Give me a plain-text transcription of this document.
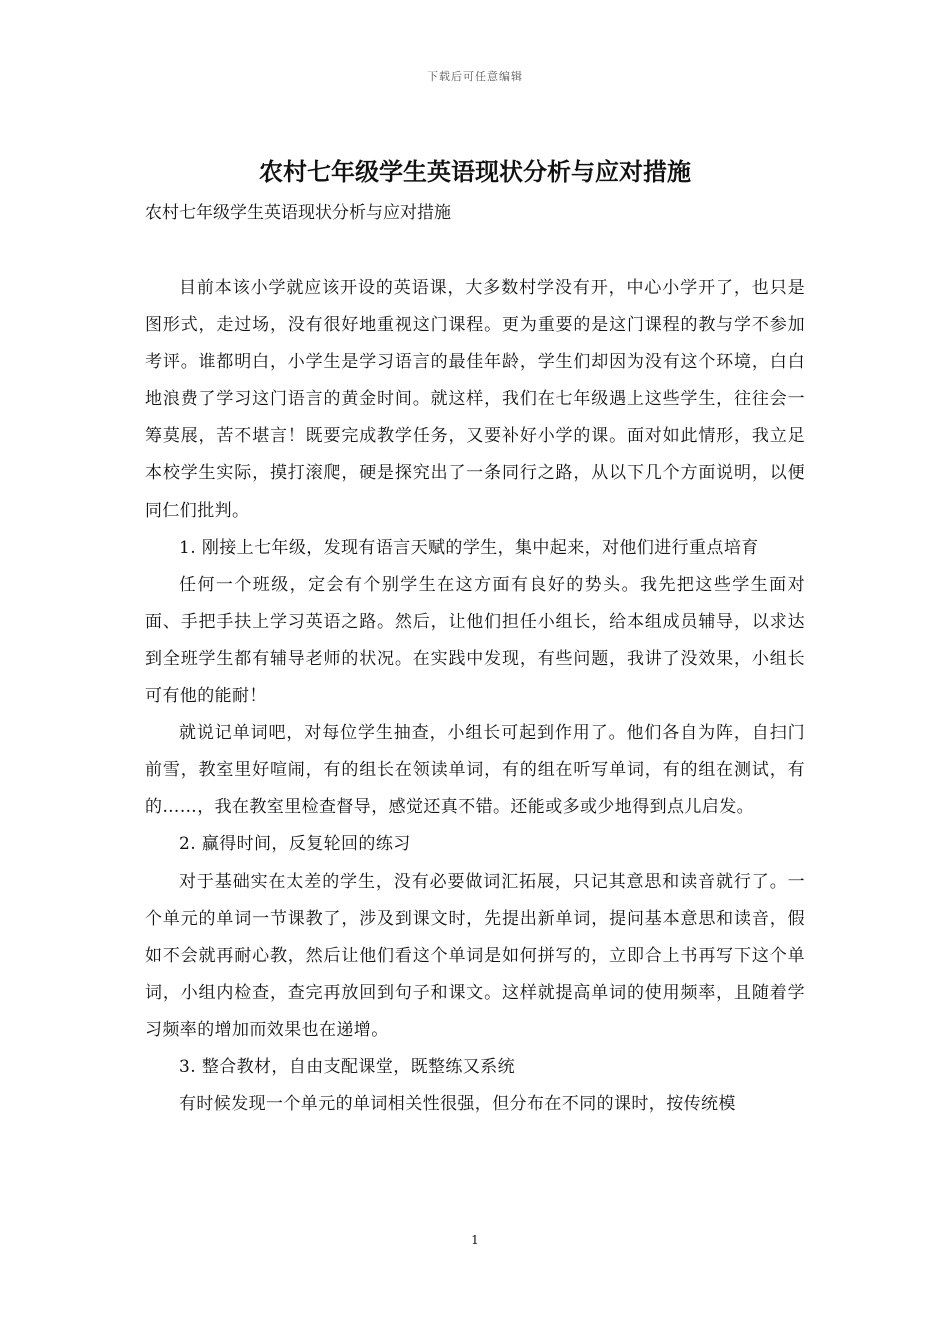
下载后可任意编辑
农村七年级学生英语现状分析与应对措施
农村七年级学生英语现状分析与应对措施

目前本该小学就应该开设的英语课，大多数村学没有开，中心小学开了，也只是图形式，走过场，没有很好地重视这门课程。更为重要的是这门课程的教与学不参加考评。谁都明白，小学生是学习语言的最佳年龄，学生们却因为没有这个环境，白白地浪费了学习这门语言的黄金时间。就这样，我们在七年级遇上这些学生，往往会一筹莫展，苦不堪言！既要完成教学任务，又要补好小学的课。面对如此情形，我立足本校学生实际，摸打滚爬，硬是探究出了一条同行之路，从以下几个方面说明，以便同仁们批判。

1. 刚接上七年级，发现有语言天赋的学生，集中起来，对他们进行重点培育

任何一个班级，定会有个别学生在这方面有良好的势头。我先把这些学生面对面、手把手扶上学习英语之路。然后，让他们担任小组长，给本组成员辅导，以求达到全班学生都有辅导老师的状况。在实践中发现，有些问题，我讲了没效果，小组长可有他的能耐！

就说记单词吧，对每位学生抽查，小组长可起到作用了。他们各自为阵，自扫门前雪，教室里好喧闹，有的组长在领读单词，有的组在听写单词，有的组在测试，有的……，我在教室里检查督导，感觉还真不错。还能或多或少地得到点儿启发。

2. 赢得时间，反复轮回的练习

对于基础实在太差的学生，没有必要做词汇拓展，只记其意思和读音就行了。一个单元的单词一节课教了，涉及到课文时，先提出新单词，提问基本意思和读音，假如不会就再耐心教，然后让他们看这个单词是如何拼写的，立即合上书再写下这个单词，小组内检查，查完再放回到句子和课文。这样就提高单词的使用频率，且随着学习频率的增加而效果也在递增。

3. 整合教材，自由支配课堂，既整练又系统

有时候发现一个单元的单词相关性很强，但分布在不同的课时，按传统模

1
